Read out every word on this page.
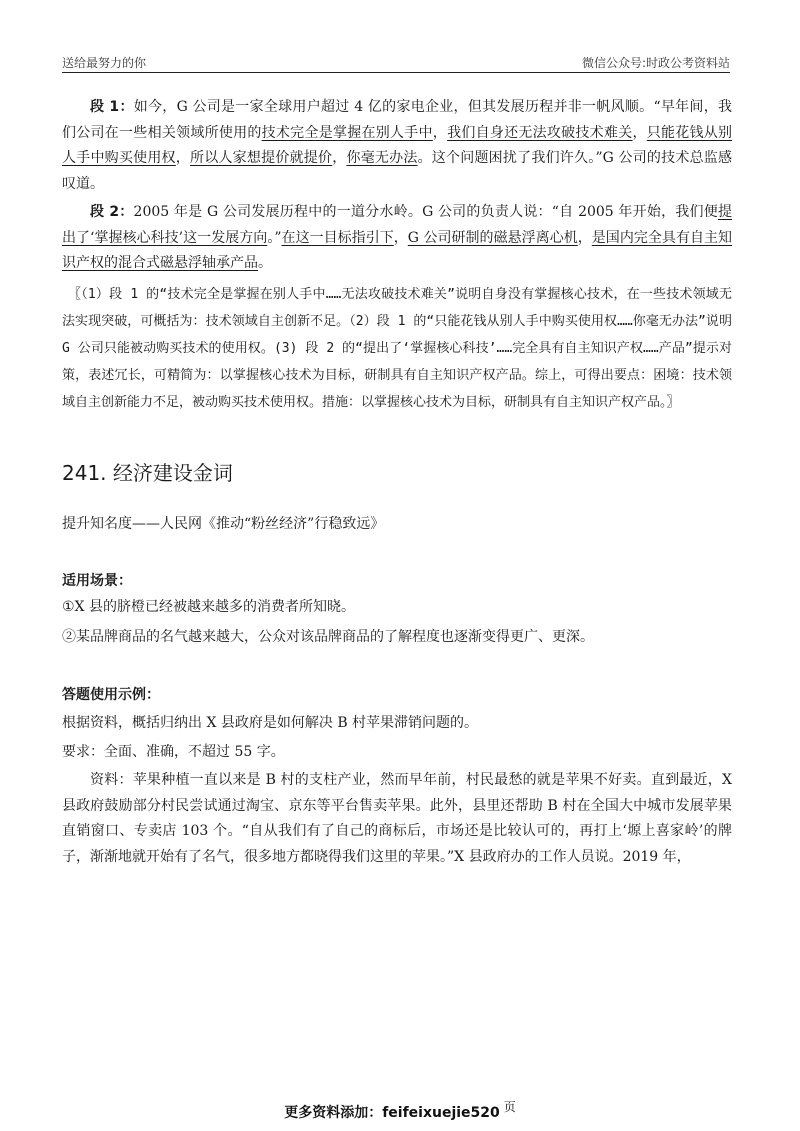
送给最努力的你	微信公众号:时政公考资料站

段 1：如今，G 公司是一家全球用户超过 4 亿的家电企业，但其发展历程并非一帆风顺。“早年间，我们公司在一些相关领域所使用的技术完全是掌握在别人手中，我们自身还无法攻破技术难关，只能花钱从别人手中购买使用权，所以人家想提价就提价，你毫无办法。这个问题困扰了我们许久。”G 公司的技术总监感叹道。

段 2：2005 年是 G 公司发展历程中的一道分水岭。G 公司的负责人说：“自 2005 年开始，我们便提出了‘掌握核心科技’这一发展方向。”在这一目标指引下，G 公司研制的磁悬浮离心机，是国内完全具有自主知识产权的混合式磁悬浮轴承产品。

〖（1）段 1 的“技术完全是掌握在别人手中……无法攻破技术难关”说明自身没有掌握核心技术，在一些技术领域无法实现突破，可概括为：技术领域自主创新不足。（2）段 1 的“只能花钱从别人手中购买使用权……你毫无办法”说明 G 公司只能被动购买技术的使用权。(3) 段 2 的“提出了‘掌握核心科技’……完全具有自主知识产权……产品”提示对策，表述冗长，可精简为：以掌握核心技术为目标，研制具有自主知识产权产品。综上，可得出要点：困境：技术领域自主创新能力不足，被动购买技术使用权。措施：以掌握核心技术为目标，研制具有自主知识产权产品。〗

241. 经济建设金词

提升知名度——人民网《推动“粉丝经济”行稳致远》

适用场景：

①X 县的脐橙已经被越来越多的消费者所知晓。

②某品牌商品的名气越来越大，公众对该品牌商品的了解程度也逐渐变得更广、更深。

答题使用示例：

根据资料，概括归纳出 X 县政府是如何解决 B 村苹果滞销问题的。

要求：全面、准确，不超过 55 字。

资料：苹果种植一直以来是 B 村的支柱产业，然而早年前，村民最愁的就是苹果不好卖。直到最近，X 县政府鼓励部分村民尝试通过淘宝、京东等平台售卖苹果。此外，县里还帮助 B 村在全国大中城市发展苹果直销窗口、专卖店 103 个。“自从我们有了自己的商标后，市场还是比较认可的，再打上‘塬上喜家岭’的牌子，渐渐地就开始有了名气，很多地方都晓得我们这里的苹果。”X 县政府办的工作人员说。2019 年，

更多资料添加：feifeixuejie520 页
